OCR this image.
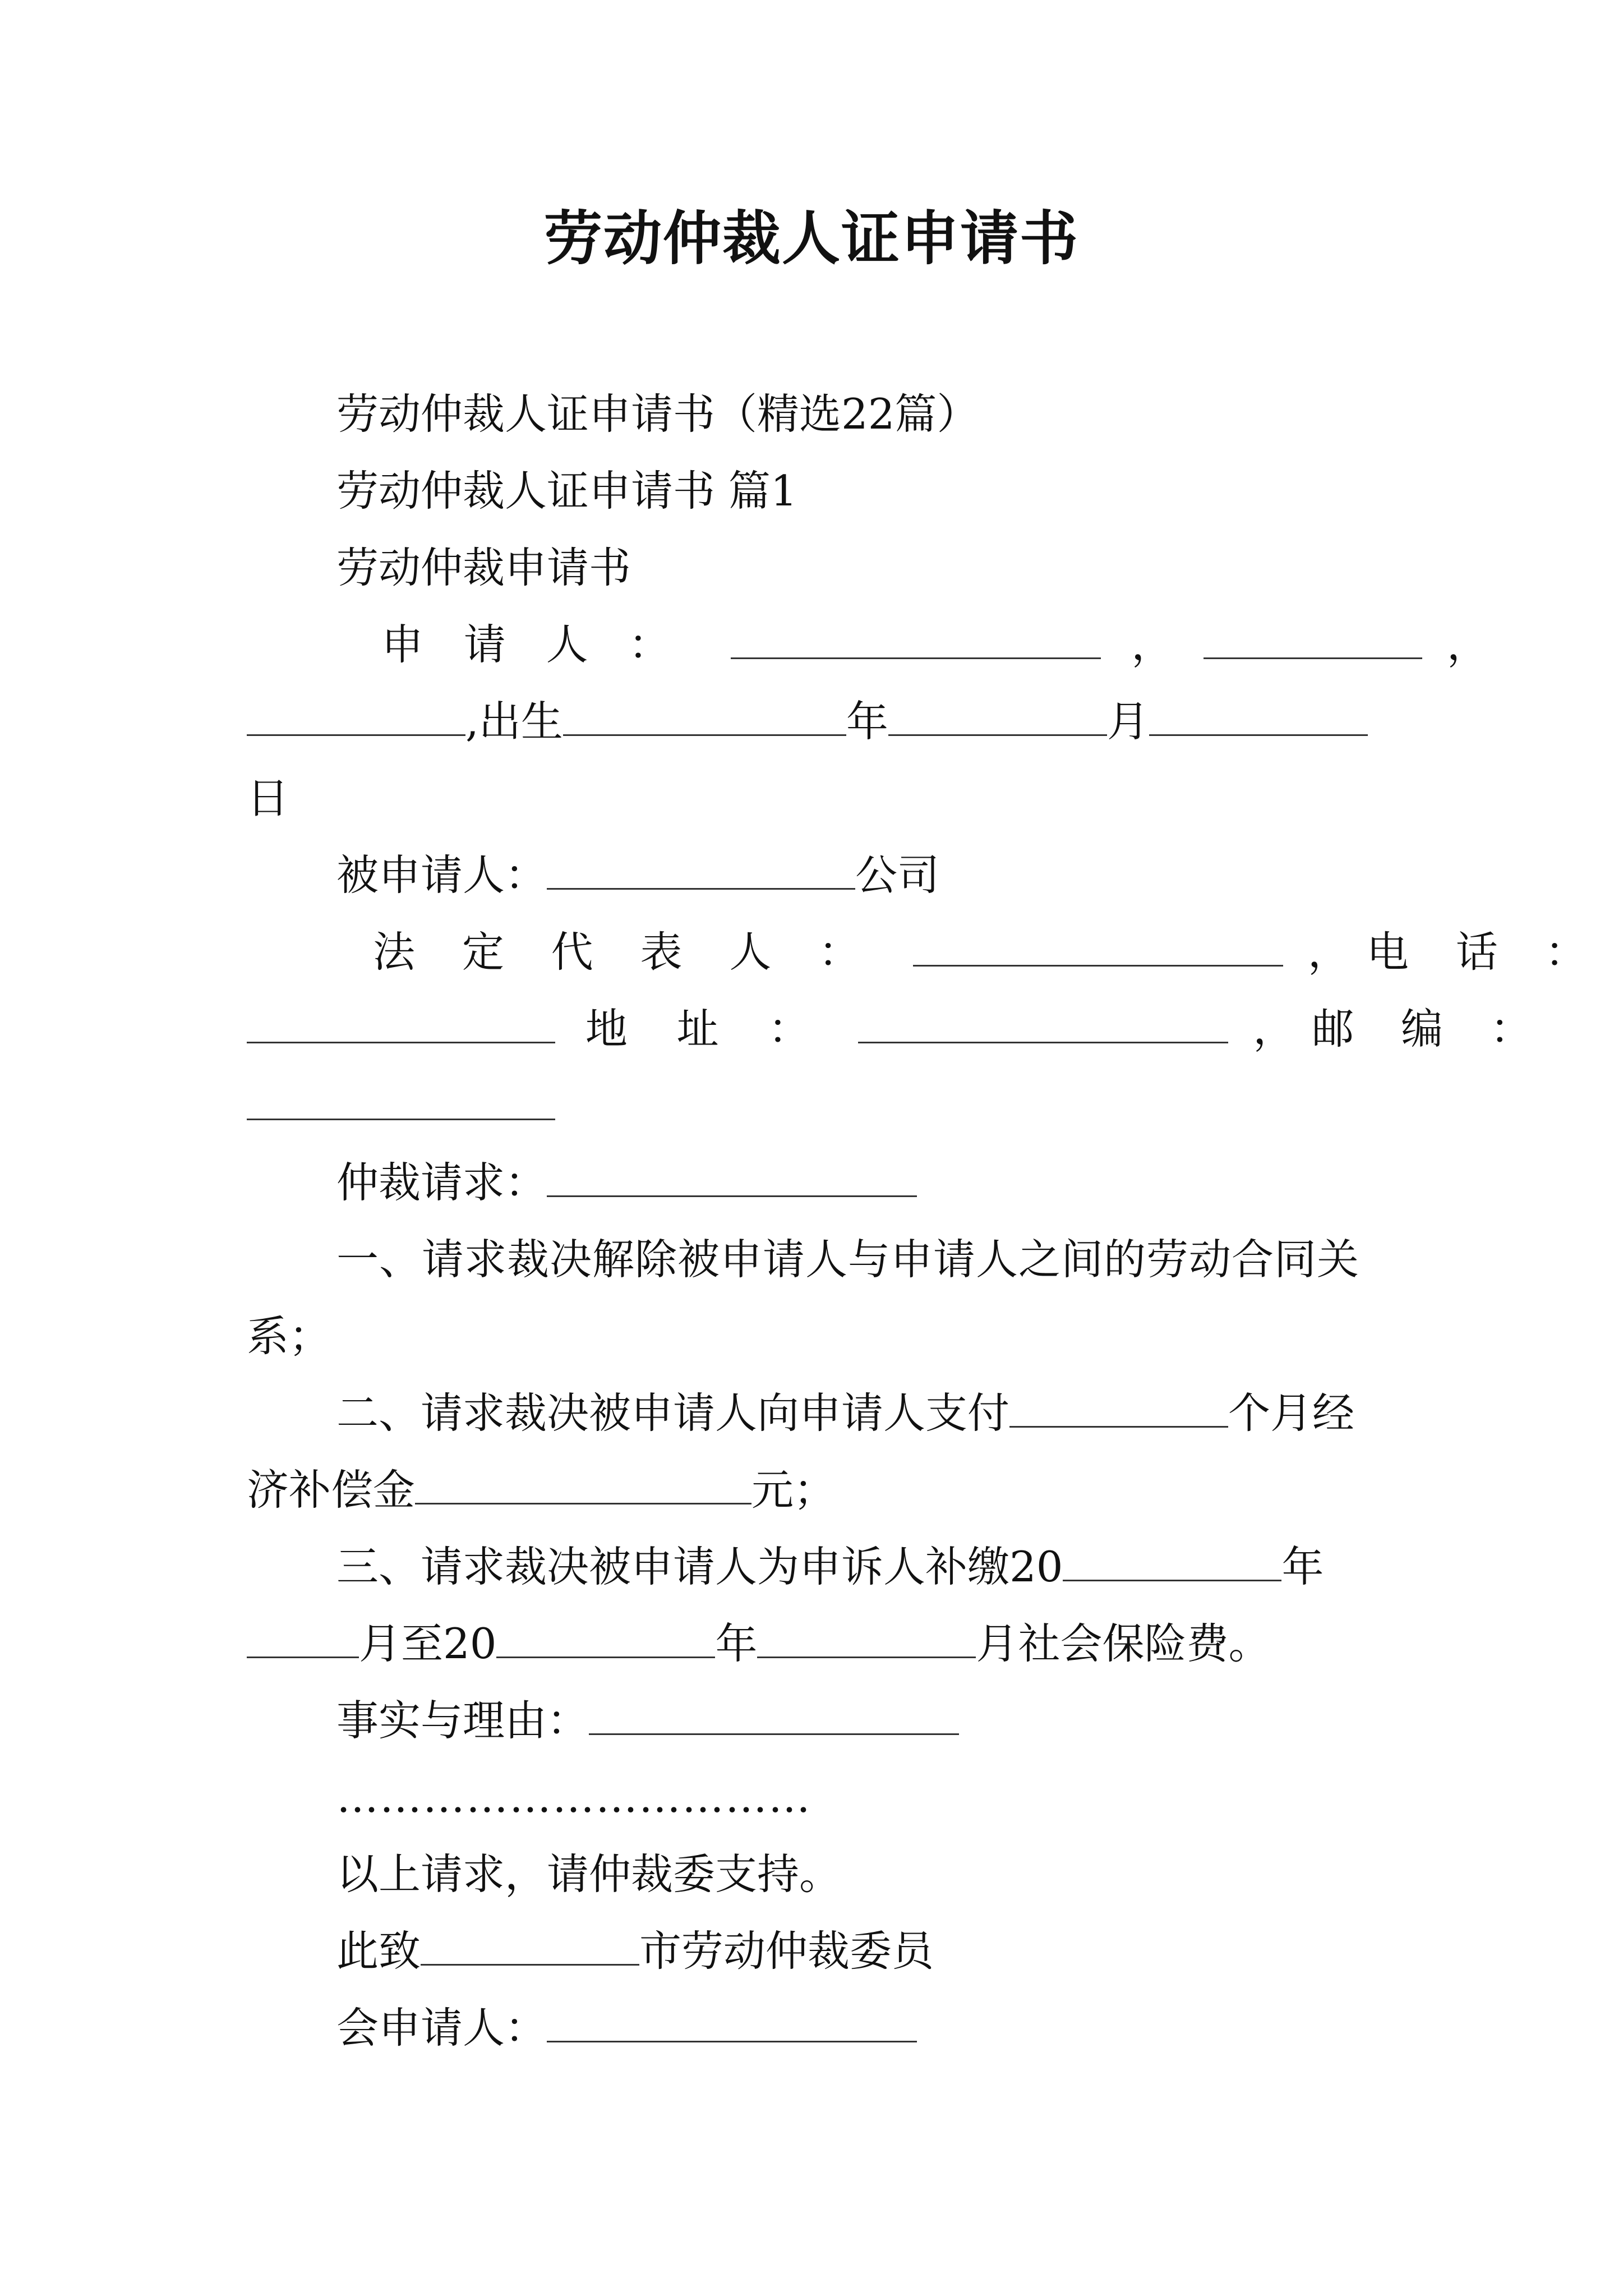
劳动仲裁人证申请书
劳动仲裁人证申请书（精选22篇）
劳动仲裁人证申请书 篇1
劳动仲裁申请书
申 请 人 ：	，	，
,出生	年	月
日
被申请人：	公司
法 定 代 表 人 ：	，电 话 ：
地 址 ：	，邮 编 ：
仲裁请求：
一、请求裁决解除被申请人与申请人之间的劳动合同关
系；
二、请求裁决被申请人向申请人支付	个月经
济补偿金	元；
三、请求裁决被申请人为申诉人补缴20	年
月至20	年	月社会保险费。
事实与理由：
……………………………
以上请求，请仲裁委支持。
此致	市劳动仲裁委员
会申请人：
